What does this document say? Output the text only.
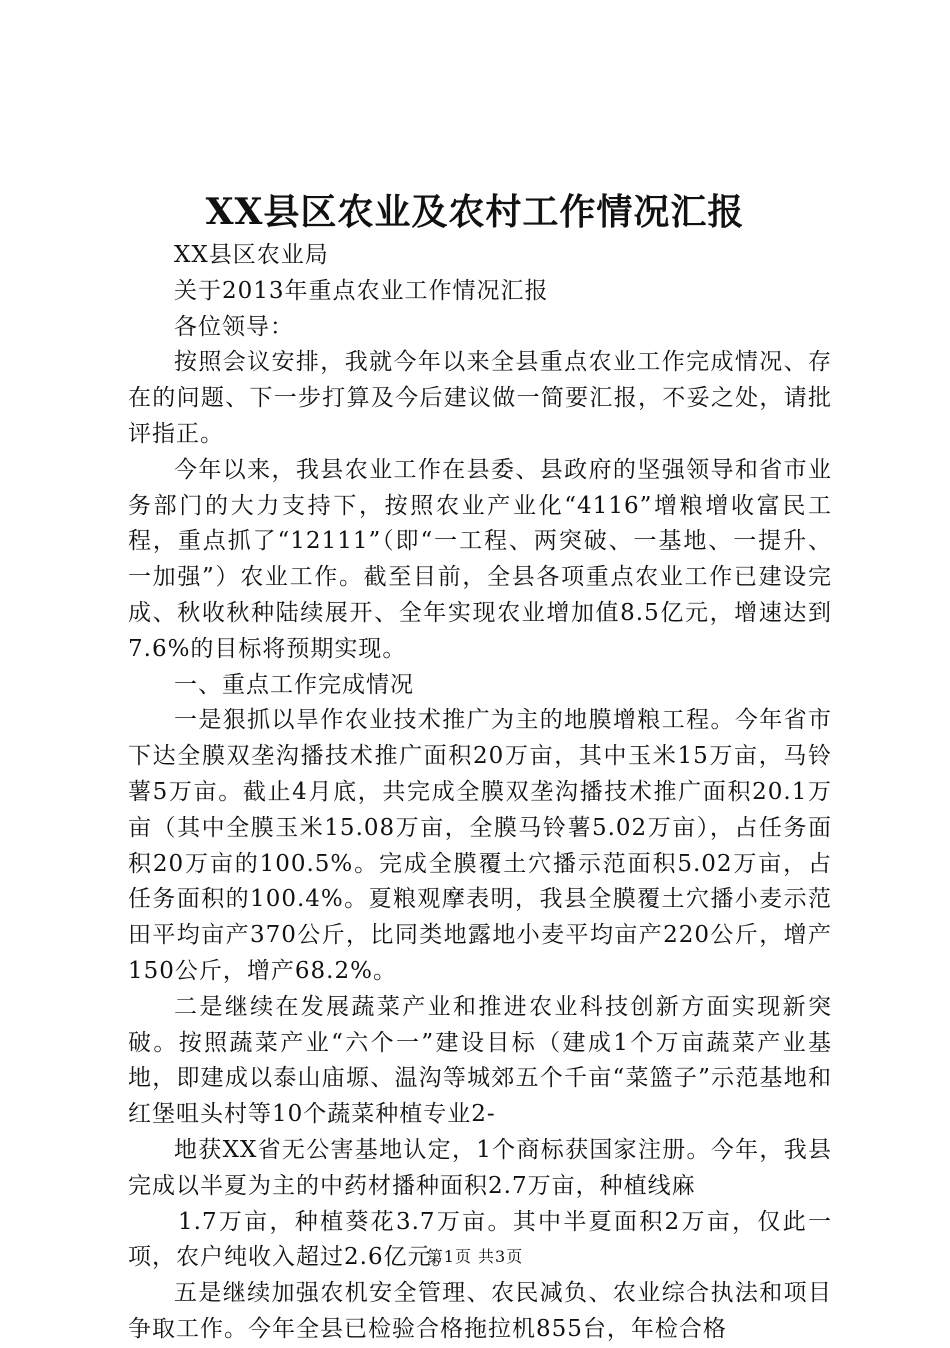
XX县区农业及农村工作情况汇报

XX县区农业局

关于2013年重点农业工作情况汇报

各位领导：

按照会议安排，我就今年以来全县重点农业工作完成情况、存在的问题、下一步打算及今后建议做一简要汇报，不妥之处，请批评指正。

今年以来，我县农业工作在县委、县政府的坚强领导和省市业务部门的大力支持下，按照农业产业化“4116”增粮增收富民工程，重点抓了“12111”（即“一工程、两突破、一基地、一提升、一加强”）农业工作。截至目前，全县各项重点农业工作已建设完成、秋收秋种陆续展开、全年实现农业增加值8.5亿元，增速达到7.6%的目标将预期实现。

一、重点工作完成情况

一是狠抓以旱作农业技术推广为主的地膜增粮工程。今年省市下达全膜双垄沟播技术推广面积20万亩，其中玉米15万亩，马铃薯5万亩。截止4月底，共完成全膜双垄沟播技术推广面积20.1万亩（其中全膜玉米15.08万亩，全膜马铃薯5.02万亩），占任务面积20万亩的100.5%。完成全膜覆土穴播示范面积5.02万亩，占任务面积的100.4%。夏粮观摩表明，我县全膜覆土穴播小麦示范田平均亩产370公斤，比同类地露地小麦平均亩产220公斤，增产150公斤，增产68.2%。

二是继续在发展蔬菜产业和推进农业科技创新方面实现新突破。按照蔬菜产业“六个一”建设目标（建成1个万亩蔬菜产业基地，即建成以泰山庙塬、温沟等城郊五个千亩“菜篮子”示范基地和红堡咀头村等10个蔬菜种植专业2-

地获XX省无公害基地认定，1个商标获国家注册。今年，我县完成以半夏为主的中药材播种面积2.7万亩，种植线麻

1.7万亩，种植葵花3.7万亩。其中半夏面积2万亩，仅此一项，农户纯收入超过2.6亿元。

五是继续加强农机安全管理、农民减负、农业综合执法和项目争取工作。今年全县已检验合格拖拉机855台，年检合格

第1页 共3页
